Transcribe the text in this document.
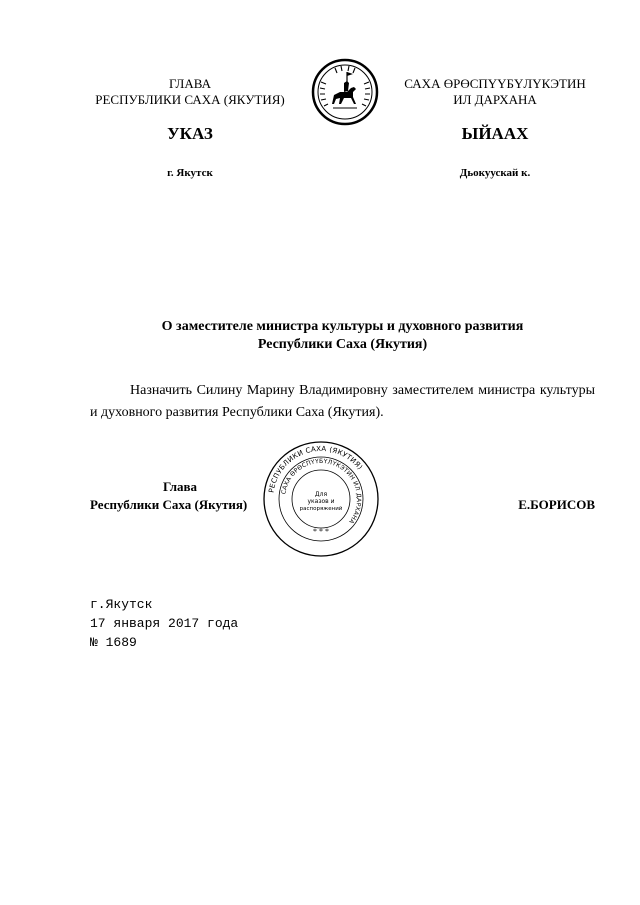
ГЛАВА
РЕСПУБЛИКИ САХА (ЯКУТИЯ)
САХА ӨРӨСПҮҮБҮЛҮКЭТИН
ИЛ ДАРХАНА
УКАЗ	ЫЙААХ
г. Якутск	Дьокуускай к.
О заместителе министра культуры и духовного развития
Республики Саха (Якутия)
Назначить Силину Марину Владимировну заместителем министра культуры и духовного развития Республики Саха (Якутия).
Глава
Республики Саха (Якутия)
РЕСПУБЛИКИ САХА (ЯКУТИЯ)
САХА ӨРӨСПҮҮБҮЛҮКЭТИН ИЛ ДАРХАНА
Для
указов и
распоряжений
* * *
Е.БОРИСОВ
г.Якутск
17 января 2017 года
№ 1689
